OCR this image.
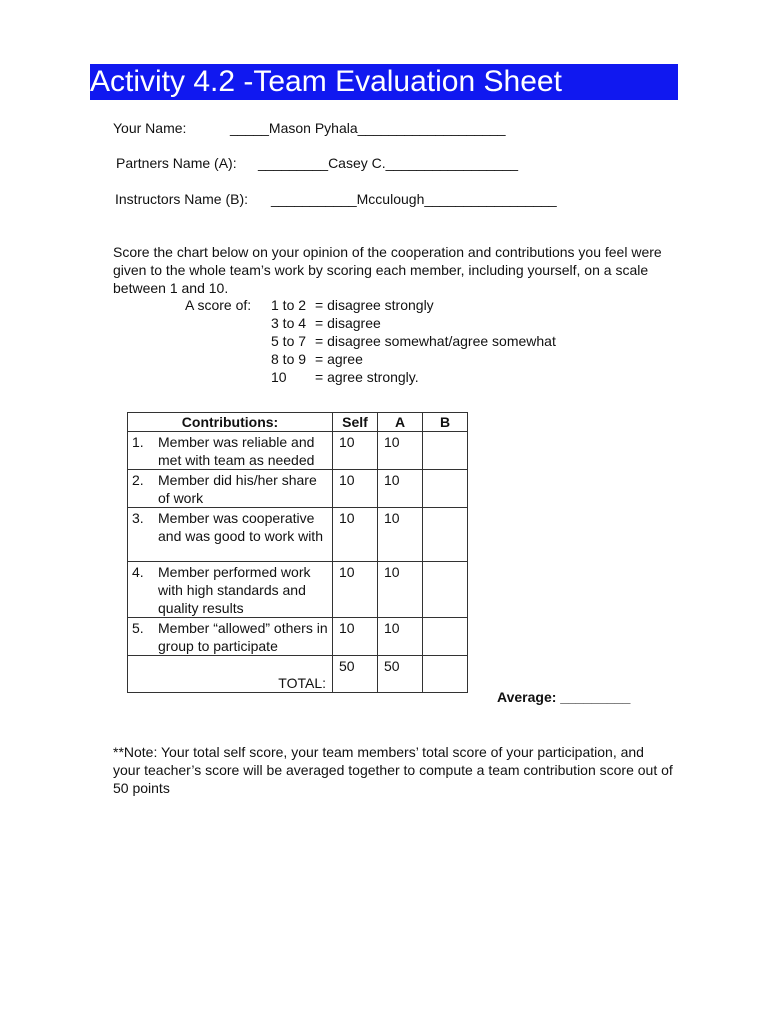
Activity 4.2 -Team Evaluation Sheet
Your Name:	_____Mason Pyhala___________________
Partners Name (A): _________Casey C._________________
Instructors Name (B): ___________Mcculough_________________
Score the chart below on your opinion of the cooperation and contributions you feel were given to the whole team’s work by scoring each member, including yourself, on a scale between 1 and 10.
A score of: 1 to 2 = disagree strongly
3 to 4 = disagree
5 to 7 = disagree somewhat/agree somewhat
8 to 9 = agree
10 = agree strongly.
Contributions:	Self	A	B

1. Member was reliable and met with team as needed	10	10	

2. Member did his/her share of work	10	10	

3. Member was cooperative and was good to work with	10	10	

4. Member performed work with high standards and quality results	10	10	

5. Member “allowed” others in group to participate	10	10	

TOTAL:	50	50	
Average: _________
**Note: Your total self score, your team members’ total score of your participation, and your teacher’s score will be averaged together to compute a team contribution score out of 50 points
